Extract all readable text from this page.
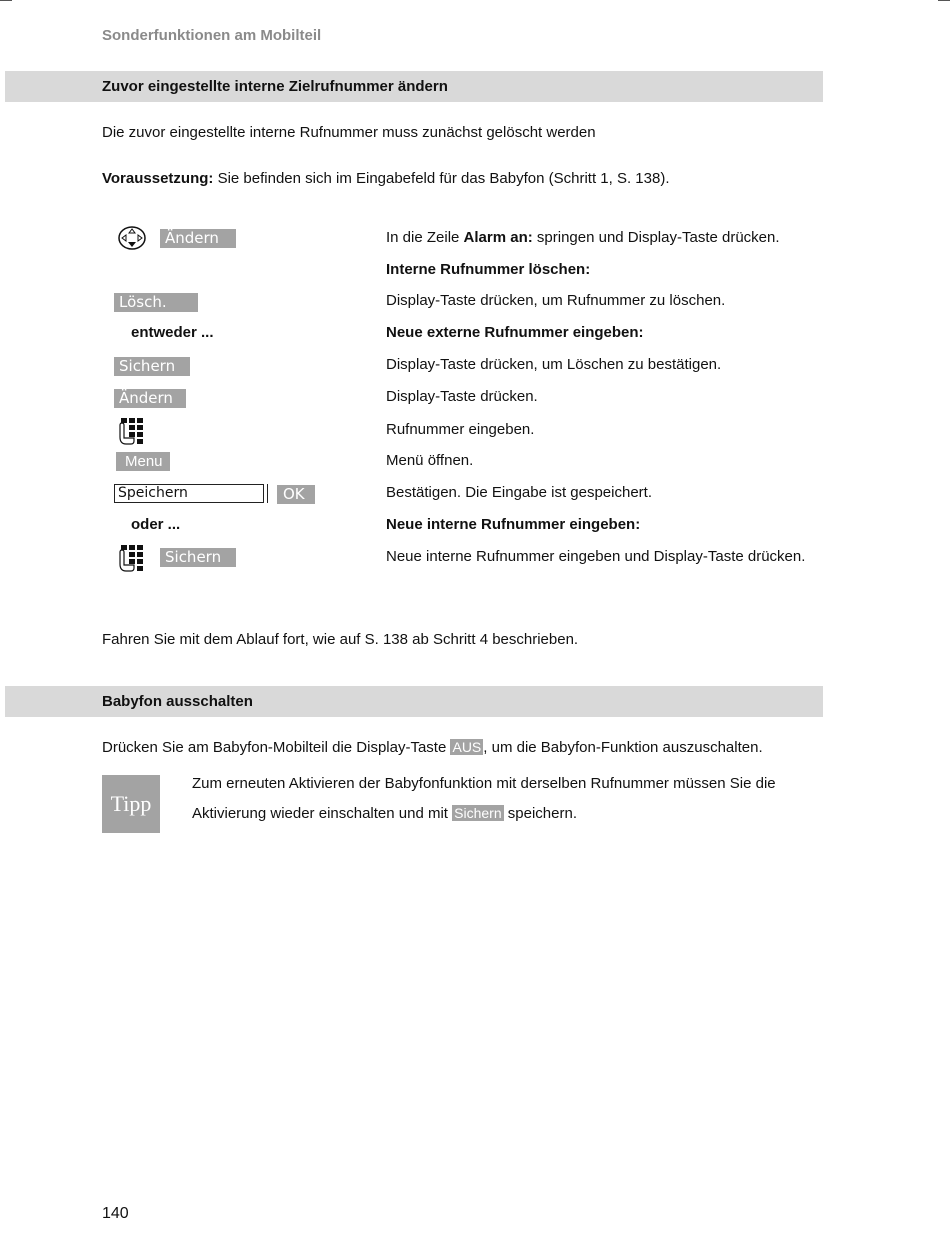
Sonderfunktionen am Mobilteil
Zuvor eingestellte interne Zielrufnummer ändern
Die zuvor eingestellte interne Rufnummer muss zunächst gelöscht werden
Voraussetzung: Sie befinden sich im Eingabefeld für das Babyfon (Schritt 1, S. 138).
Ändern	In die Zeile Alarm an: springen und Display-Taste drücken.
Interne Rufnummer löschen:
Lösch.	Display-Taste drücken, um Rufnummer zu löschen.
entweder ...	Neue externe Rufnummer eingeben:
Sichern	Display-Taste drücken, um Löschen zu bestätigen.
Ändern	Display-Taste drücken.
Rufnummer eingeben.
Menu	Menü öffnen.
Speichern	OK	Bestätigen. Die Eingabe ist gespeichert.
oder ...	Neue interne Rufnummer eingeben:
Sichern	Neue interne Rufnummer eingeben und Display-Taste drücken.
Fahren Sie mit dem Ablauf fort, wie auf S. 138 ab Schritt 4 beschrieben.
Babyfon ausschalten
Drücken Sie am Babyfon-Mobilteil die Display-Taste AUS , um die Babyfon-Funktion auszuschalten.
Tipp
Zum erneuten Aktivieren der Babyfonfunktion mit derselben Rufnummer müssen Sie die
Aktivierung wieder einschalten und mit Sichern speichern.
140
